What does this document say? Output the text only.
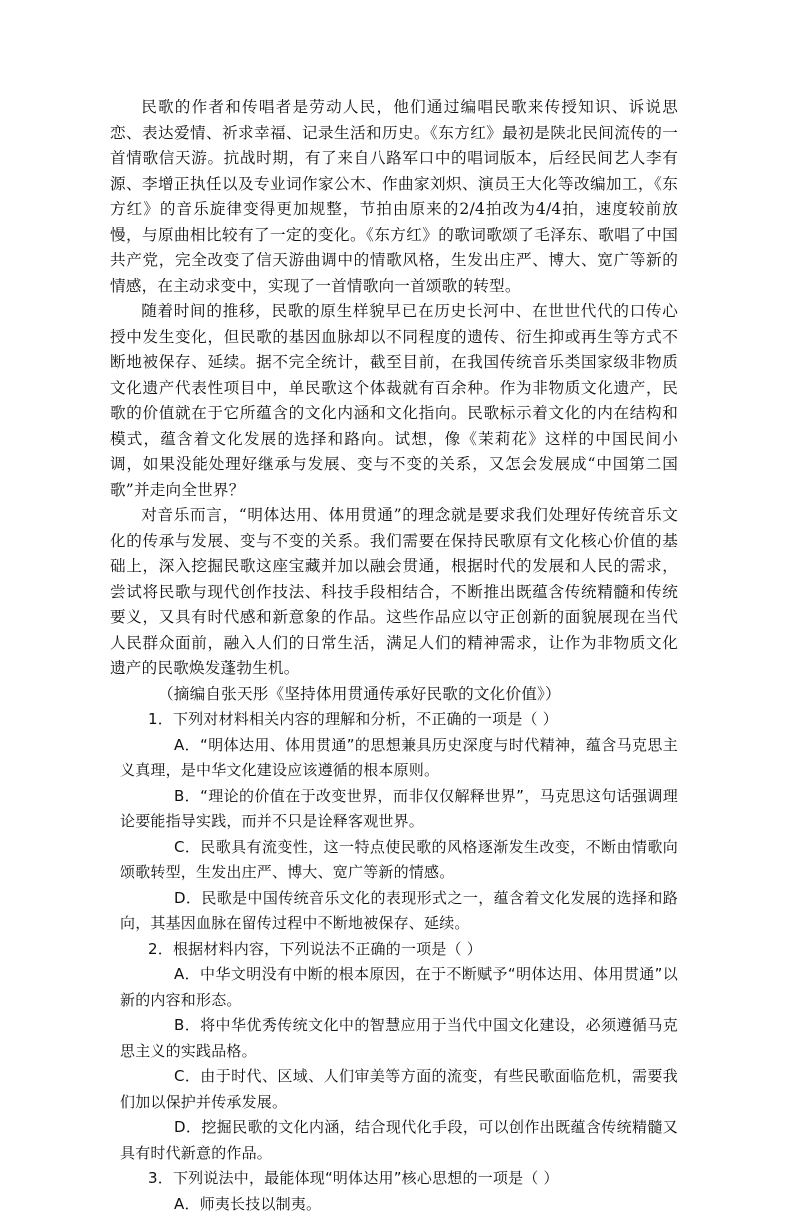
民歌的作者和传唱者是劳动人民，他们通过编唱民歌来传授知识、诉说思恋、表达爱情、祈求幸福、记录生活和历史。《东方红》最初是陕北民间流传的一首情歌信天游。抗战时期，有了来自八路军口中的唱词版本，后经民间艺人李有源、李增正执任以及专业词作家公木、作曲家刘炽、演员王大化等改编加工，《东方红》的音乐旋律变得更加规整，节拍由原来的2/4拍改为4/4拍，速度较前放慢，与原曲相比较有了一定的变化。《东方红》的歌词歌颂了毛泽东、歌唱了中国共产党，完全改变了信天游曲调中的情歌风格，生发出庄严、博大、宽广等新的情感，在主动求变中，实现了一首情歌向一首颂歌的转型。

随着时间的推移，民歌的原生样貌早已在历史长河中、在世世代代的口传心授中发生变化，但民歌的基因血脉却以不同程度的遗传、衍生抑或再生等方式不断地被保存、延续。据不完全统计，截至目前，在我国传统音乐类国家级非物质文化遗产代表性项目中，单民歌这个体裁就有百余种。作为非物质文化遗产，民歌的价值就在于它所蕴含的文化内涵和文化指向。民歌标示着文化的内在结构和模式，蕴含着文化发展的选择和路向。试想，像《茉莉花》这样的中国民间小调，如果没能处理好继承与发展、变与不变的关系，又怎会发展成“中国第二国歌”并走向全世界？

对音乐而言，“明体达用、体用贯通”的理念就是要求我们处理好传统音乐文化的传承与发展、变与不变的关系。我们需要在保持民歌原有文化核心价值的基础上，深入挖掘民歌这座宝藏并加以融会贯通，根据时代的发展和人民的需求，尝试将民歌与现代创作技法、科技手段相结合，不断推出既蕴含传统精髓和传统要义，又具有时代感和新意象的作品。这些作品应以守正创新的面貌展现在当代人民群众面前，融入人们的日常生活，满足人们的精神需求，让作为非物质文化遗产的民歌焕发蓬勃生机。

（摘编自张天彤《坚持体用贯通传承好民歌的文化价值》）

1．下列对材料相关内容的理解和分析，不正确的一项是（ ）

A．“明体达用、体用贯通”的思想兼具历史深度与时代精神，蕴含马克思主义真理，是中华文化建设应该遵循的根本原则。

B．“理论的价值在于改变世界，而非仅仅解释世界”，马克思这句话强调理论要能指导实践，而并不只是诠释客观世界。

C．民歌具有流变性，这一特点使民歌的风格逐渐发生改变，不断由情歌向颂歌转型，生发出庄严、博大、宽广等新的情感。

D．民歌是中国传统音乐文化的表现形式之一，蕴含着文化发展的选择和路向，其基因血脉在留传过程中不断地被保存、延续。

2．根据材料内容，下列说法不正确的一项是（ ）

A．中华文明没有中断的根本原因，在于不断赋予“明体达用、体用贯通”以新的内容和形态。

B．将中华优秀传统文化中的智慧应用于当代中国文化建设，必须遵循马克思主义的实践品格。

C．由于时代、区域、人们审美等方面的流变，有些民歌面临危机，需要我们加以保护并传承发展。

D．挖掘民歌的文化内涵，结合现代化手段，可以创作出既蕴含传统精髓又具有时代新意的作品。

3．下列说法中，最能体现“明体达用”核心思想的一项是（ ）

A．师夷长技以制夷。
